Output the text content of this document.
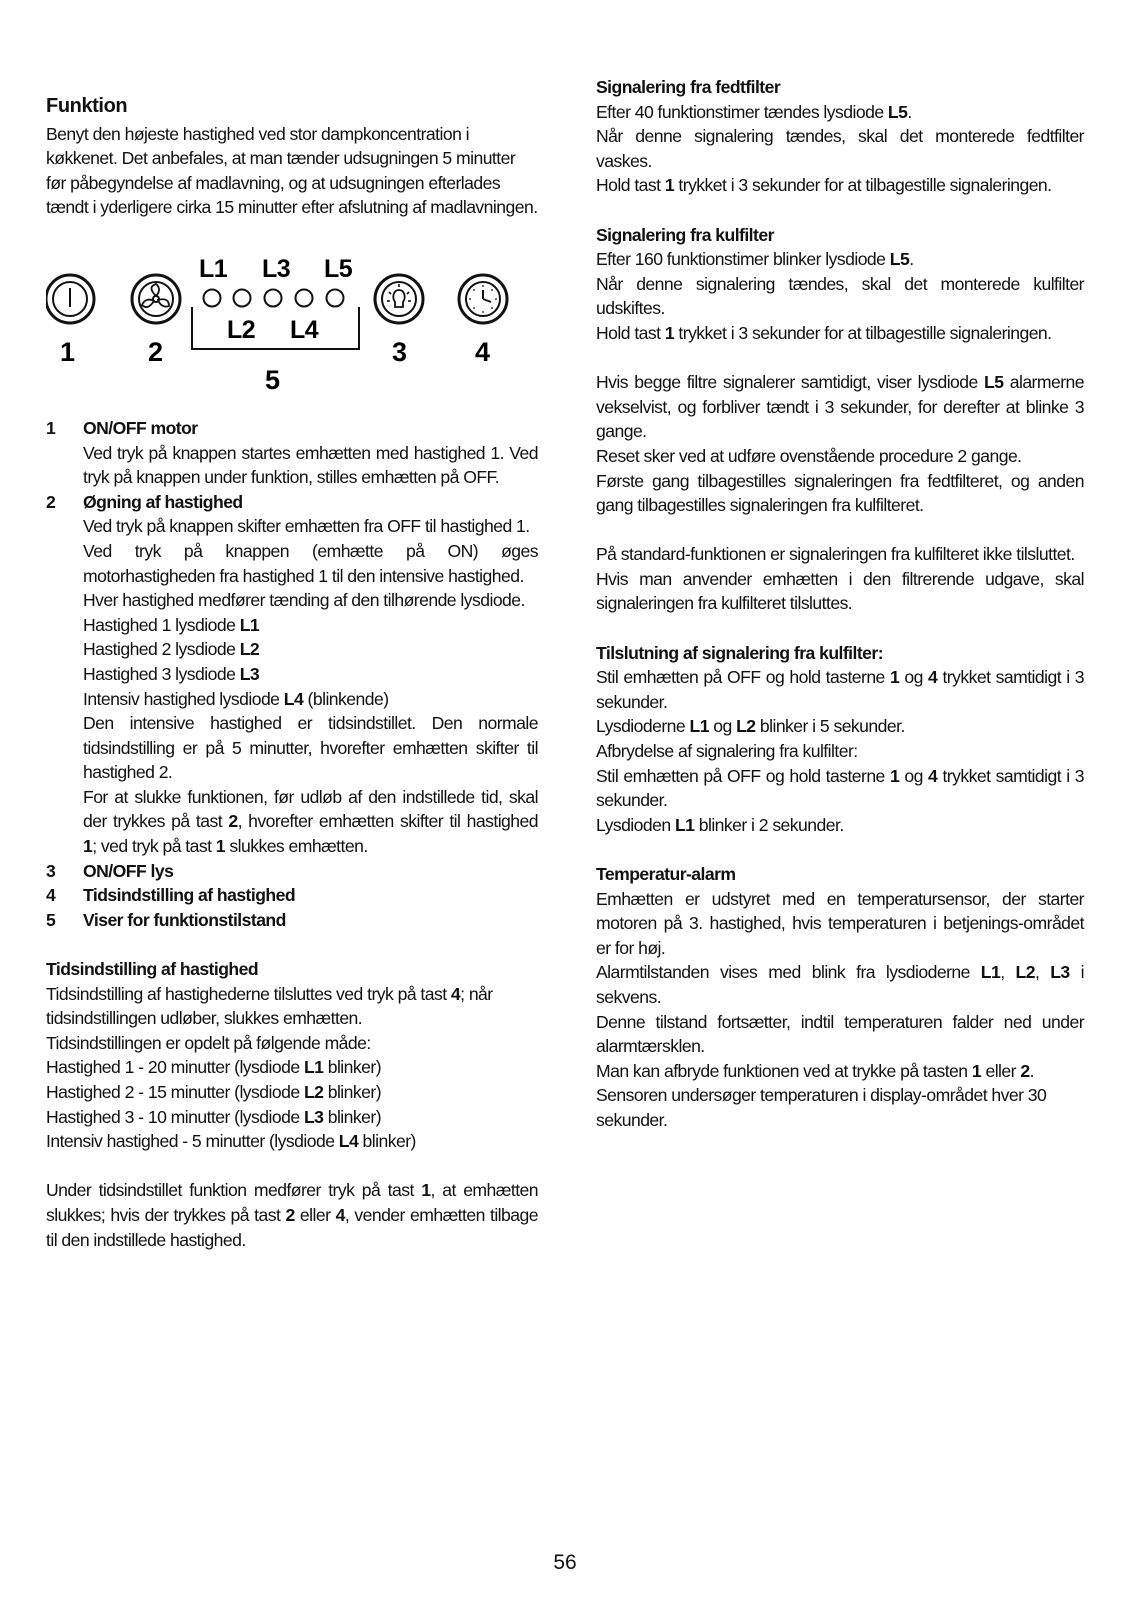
Funktion

Benyt den højeste hastighed ved stor dampkoncentration i køkkenet. Det anbefales, at man tænder udsugningen 5 minutter før påbegyndelse af madlavning, og at udsugningen efterlades tændt i yderligere cirka 15 minutter efter afslutning af madlavningen.

L1 L3 L5
L2 L4
1	2	3	4
5
1	ON/OFF motor

Ved tryk på knappen startes emhætten med hastighed 1. Ved tryk på knappen under funktion, stilles emhætten på OFF.

2	Øgning af hastighed

Ved tryk på knappen skifter emhætten fra OFF til hastighed 1.

Ved tryk på knappen (emhætte på ON) øges motorhastigheden fra hastighed 1 til den intensive hastighed.

Hver hastighed medfører tænding af den tilhørende lysdiode.

Hastighed 1 lysdiode L1

Hastighed 2 lysdiode L2

Hastighed 3 lysdiode L3

Intensiv hastighed lysdiode L4 (blinkende)

Den intensive hastighed er tidsindstillet. Den normale tidsindstilling er på 5 minutter, hvorefter emhætten skifter til hastighed 2.

For at slukke funktionen, før udløb af den indstillede tid, skal der trykkes på tast 2, hvorefter emhætten skifter til hastighed 1; ved tryk på tast 1 slukkes emhætten.

3	ON/OFF lys
4	Tidsindstilling af hastighed
5	Viser for funktionstilstand

Tidsindstilling af hastighed

Tidsindstilling af hastighederne tilsluttes ved tryk på tast 4; når tidsindstillingen udløber, slukkes emhætten.

Tidsindstillingen er opdelt på følgende måde:

Hastighed 1 - 20 minutter (lysdiode L1 blinker)

Hastighed 2 - 15 minutter (lysdiode L2 blinker)

Hastighed 3 - 10 minutter (lysdiode L3 blinker)

Intensiv hastighed - 5 minutter (lysdiode L4 blinker)

Under tidsindstillet funktion medfører tryk på tast 1, at emhætten slukkes; hvis der trykkes på tast 2 eller 4, vender emhætten tilbage til den indstillede hastighed.

Signalering fra fedtfilter

Efter 40 funktionstimer tændes lysdiode L5.

Når denne signalering tændes, skal det monterede fedtfilter vaskes.

Hold tast 1 trykket i 3 sekunder for at tilbagestille signaleringen.

Signalering fra kulfilter

Efter 160 funktionstimer blinker lysdiode L5.

Når denne signalering tændes, skal det monterede kulfilter udskiftes.

Hold tast 1 trykket i 3 sekunder for at tilbagestille signaleringen.

Hvis begge filtre signalerer samtidigt, viser lysdiode L5 alarmerne vekselvist, og forbliver tændt i 3 sekunder, for derefter at blinke 3 gange.

Reset sker ved at udføre ovenstående procedure 2 gange.

Første gang tilbagestilles signaleringen fra fedtfilteret, og anden gang tilbagestilles signaleringen fra kulfilteret.

På standard-funktionen er signaleringen fra kulfilteret ikke tilsluttet.

Hvis man anvender emhætten i den filtrerende udgave, skal signaleringen fra kulfilteret tilsluttes.

Tilslutning af signalering fra kulfilter:

Stil emhætten på OFF og hold tasterne 1 og 4 trykket samtidigt i 3 sekunder.

Lysdioderne L1 og L2 blinker i 5 sekunder.

Afbrydelse af signalering fra kulfilter:

Stil emhætten på OFF og hold tasterne 1 og 4 trykket samtidigt i 3 sekunder.

Lysdioden L1 blinker i 2 sekunder.

Temperatur-alarm

Emhætten er udstyret med en temperatursensor, der starter motoren på 3. hastighed, hvis temperaturen i betjenings-området er for høj.

Alarmtilstanden vises med blink fra lysdioderne L1, L2, L3 i sekvens.

Denne tilstand fortsætter, indtil temperaturen falder ned under alarmtærsklen.

Man kan afbryde funktionen ved at trykke på tasten 1 eller 2.

Sensoren undersøger temperaturen i display-området hver 30 sekunder.

56
